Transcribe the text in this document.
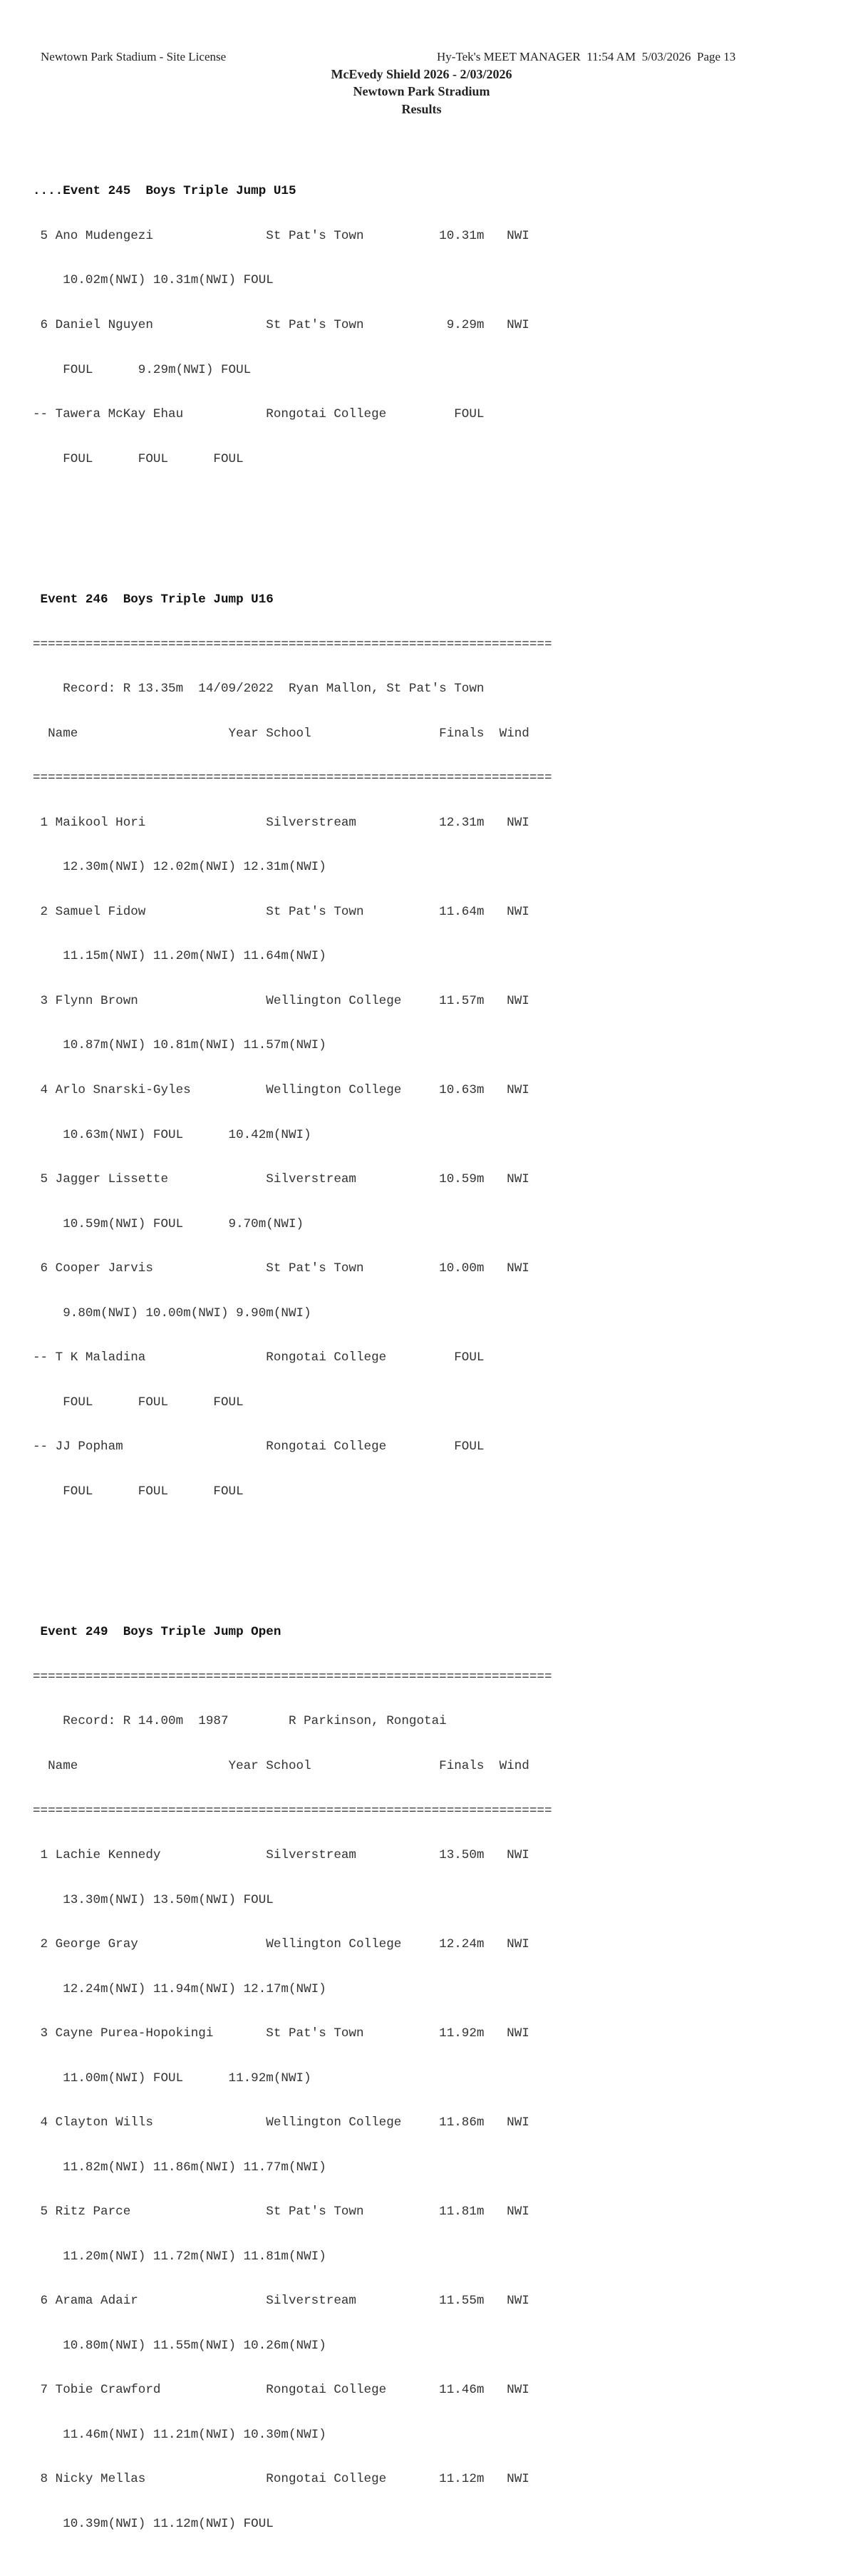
Newtown Park Stadium - Site License	Hy-Tek's MEET MANAGER  11:54 AM  5/03/2026  Page 13
McEvedy Shield 2026 - 2/03/2026
Newtown Park Stradium
Results

....Event 245  Boys Triple Jump U15

5 Ano Mudengezi               St Pat's Town          10.31m   NWI

10.02m(NWI) 10.31m(NWI) FOUL

6 Daniel Nguyen               St Pat's Town           9.29m   NWI

FOUL      9.29m(NWI) FOUL

-- Tawera McKay Ehau           Rongotai College         FOUL

FOUL      FOUL      FOUL

Event 246  Boys Triple Jump U16

=====================================================================

Record: R 13.35m  14/09/2022  Ryan Mallon, St Pat's Town

Name                    Year School                 Finals  Wind

=====================================================================

1 Maikool Hori                Silverstream           12.31m   NWI

12.30m(NWI) 12.02m(NWI) 12.31m(NWI)

2 Samuel Fidow                St Pat's Town          11.64m   NWI

11.15m(NWI) 11.20m(NWI) 11.64m(NWI)

3 Flynn Brown                 Wellington College     11.57m   NWI

10.87m(NWI) 10.81m(NWI) 11.57m(NWI)

4 Arlo Snarski-Gyles          Wellington College     10.63m   NWI

10.63m(NWI) FOUL      10.42m(NWI)

5 Jagger Lissette             Silverstream           10.59m   NWI

10.59m(NWI) FOUL      9.70m(NWI)

6 Cooper Jarvis               St Pat's Town          10.00m   NWI

9.80m(NWI) 10.00m(NWI) 9.90m(NWI)

-- T K Maladina                Rongotai College         FOUL

FOUL      FOUL      FOUL

-- JJ Popham                   Rongotai College         FOUL

FOUL      FOUL      FOUL

Event 249  Boys Triple Jump Open

=====================================================================

Record: R 14.00m  1987        R Parkinson, Rongotai

Name                    Year School                 Finals  Wind

=====================================================================

1 Lachie Kennedy              Silverstream           13.50m   NWI

13.30m(NWI) 13.50m(NWI) FOUL

2 George Gray                 Wellington College     12.24m   NWI

12.24m(NWI) 11.94m(NWI) 12.17m(NWI)

3 Cayne Purea-Hopokingi       St Pat's Town          11.92m   NWI

11.00m(NWI) FOUL      11.92m(NWI)

4 Clayton Wills               Wellington College     11.86m   NWI

11.82m(NWI) 11.86m(NWI) 11.77m(NWI)

5 Ritz Parce                  St Pat's Town          11.81m   NWI

11.20m(NWI) 11.72m(NWI) 11.81m(NWI)

6 Arama Adair                 Silverstream           11.55m   NWI

10.80m(NWI) 11.55m(NWI) 10.26m(NWI)

7 Tobie Crawford              Rongotai College       11.46m   NWI

11.46m(NWI) 11.21m(NWI) 10.30m(NWI)

8 Nicky Mellas                Rongotai College       11.12m   NWI

10.39m(NWI) 11.12m(NWI) FOUL
